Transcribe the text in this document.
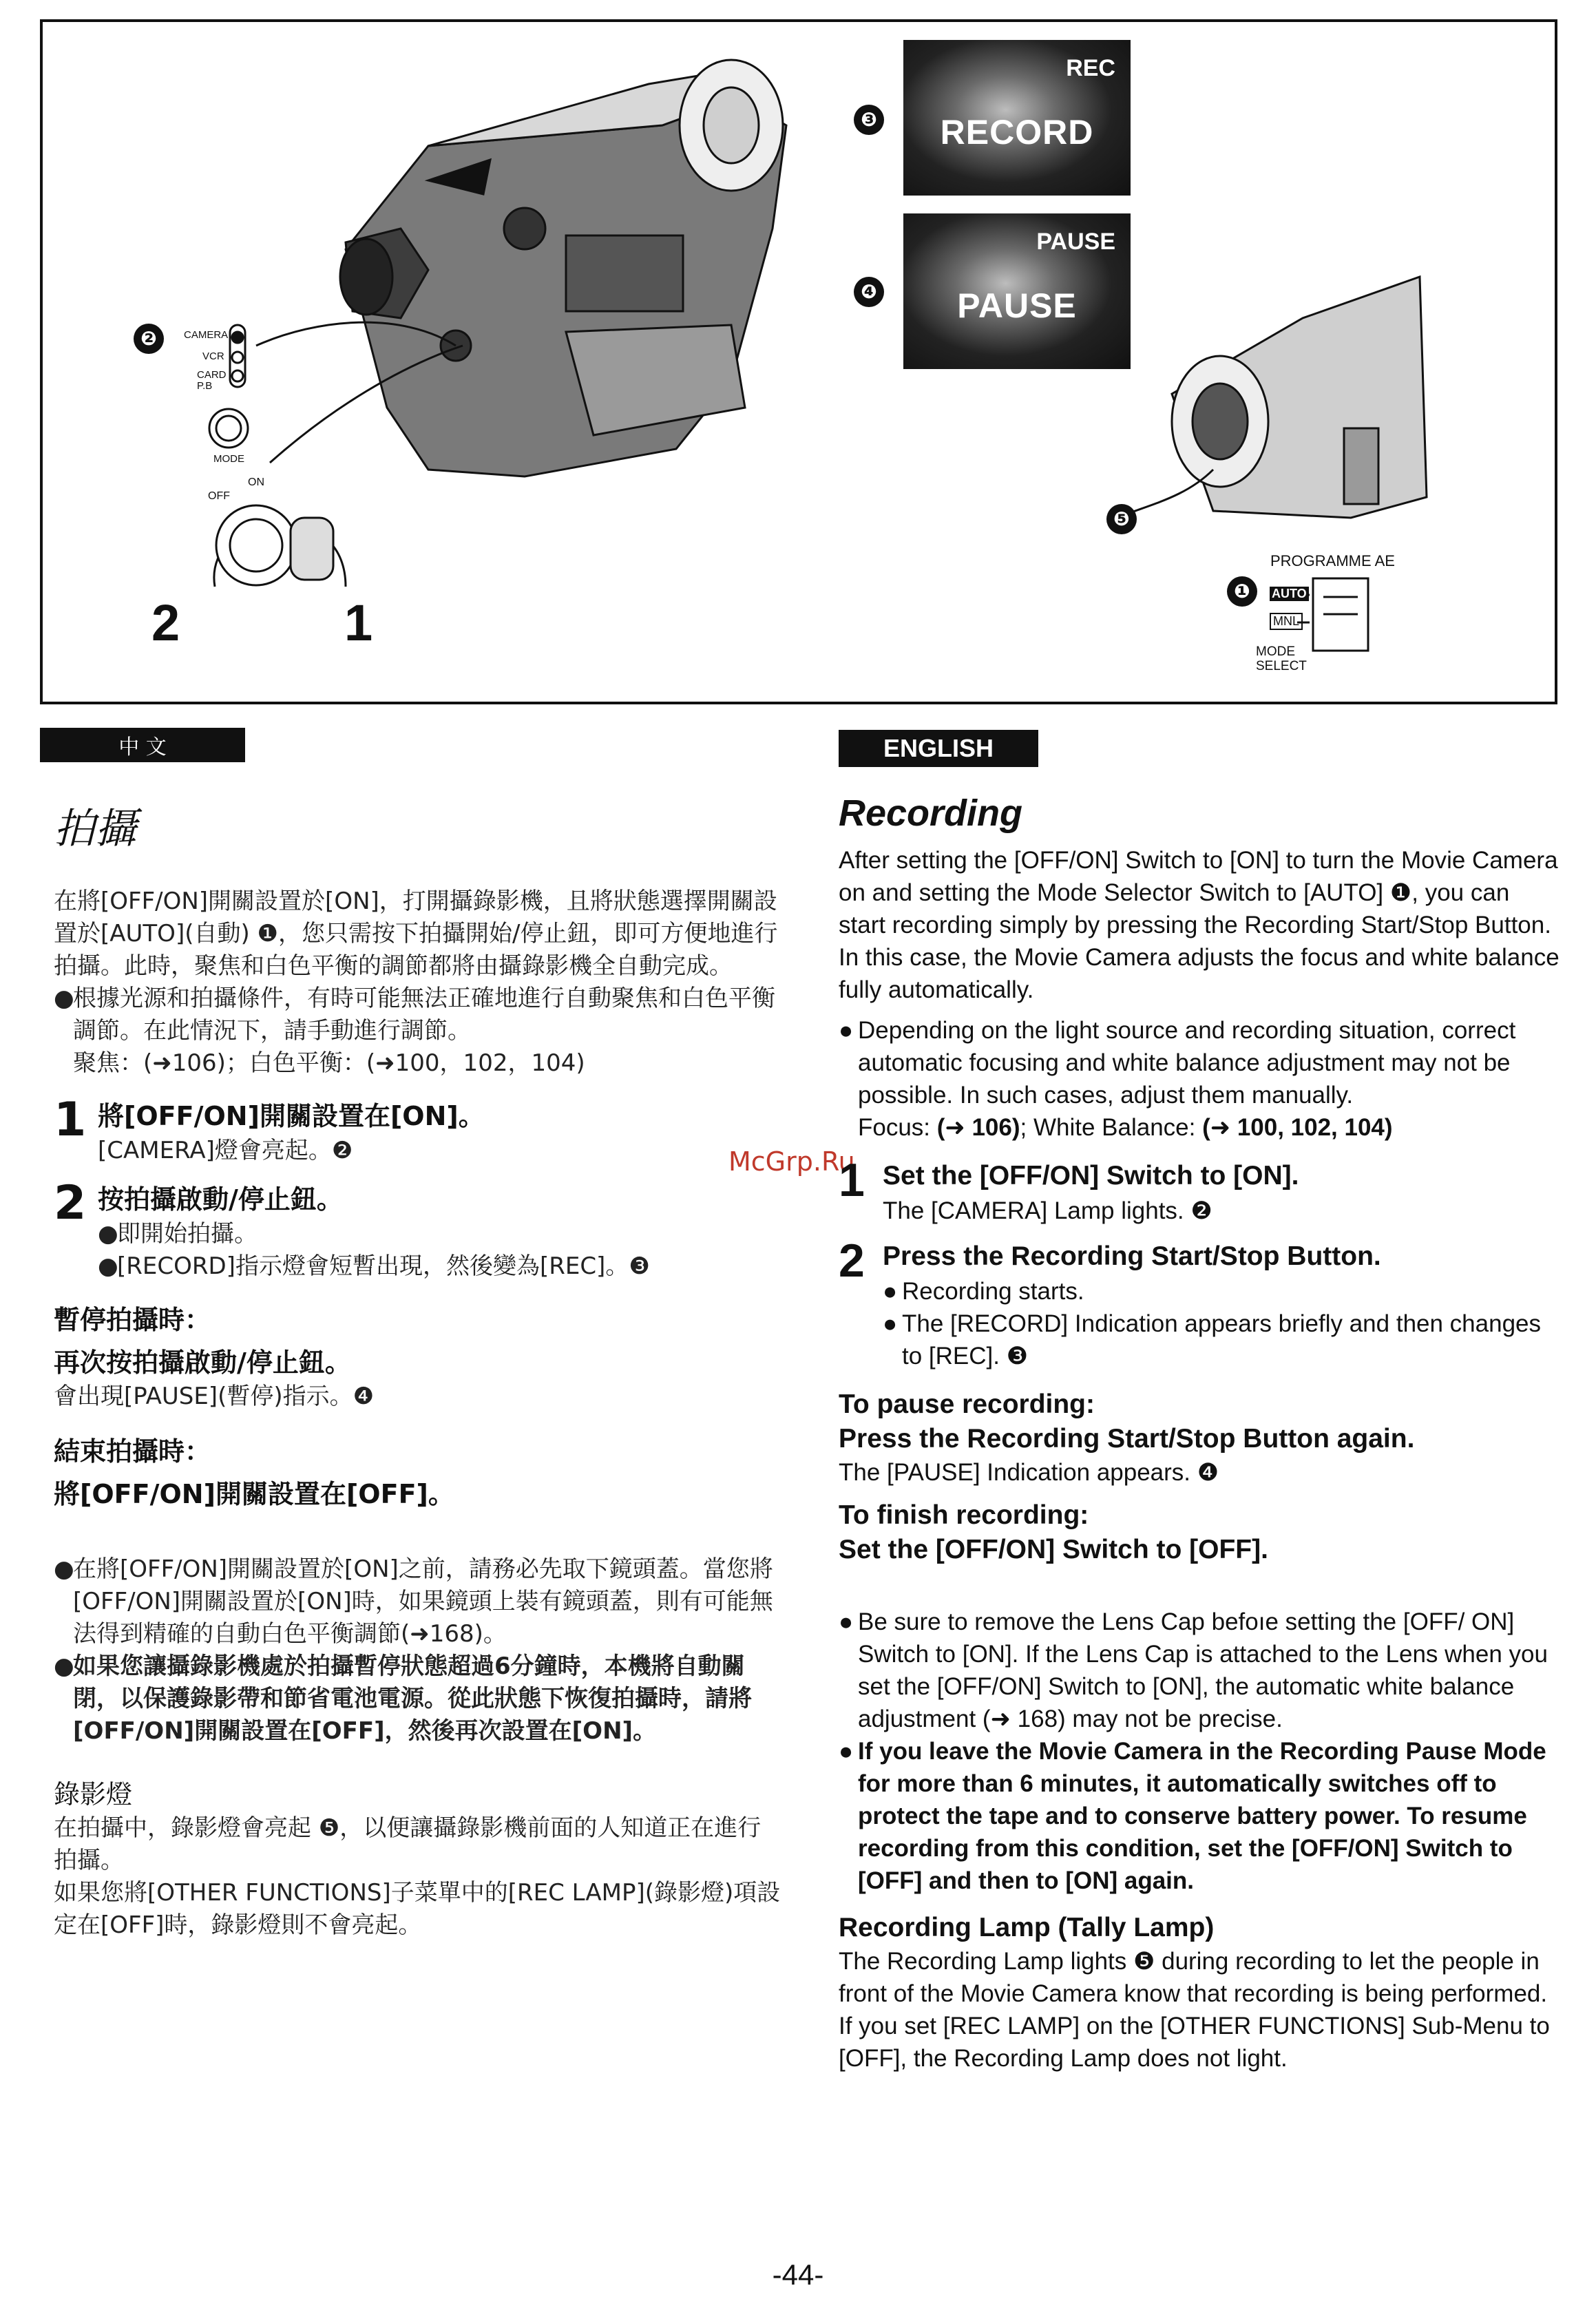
❸
❹
❷
❺
❶
REC
RECORD
PAUSE
PAUSE
CAMERA
VCR
CARD P.B
MODE
OFF
ON
2	1
PROGRAMME AE
AUTO
MNL
MODE SELECT
中 文	ENGLISH
拍攝

在將[OFF/ON]開關設置於[ON]，打開攝錄影機，且將狀態選擇開關設置於[AUTO](自動) ❶，您只需按下拍攝開始/停止鈕，即可方便地進行拍攝。此時，聚焦和白色平衡的調節都將由攝錄影機全自動完成。

●
根據光源和拍攝條件，有時可能無法正確地進行自動聚焦和白色平衡調節。在此情況下，請手動進行調節。

聚焦：(➜106)；白色平衡：(➜100，102，104)

1 將[OFF/ON]開關設置在[ON]。
[CAMERA]燈會亮起。❷
2 按拍攝啟動/停止鈕。

●
即開始拍攝。

●
[RECORD]指示燈會短暫出現，然後變為[REC]。❸

暫停拍攝時：

再次按拍攝啟動/停止鈕。

會出現[PAUSE](暫停)指示。❹

結束拍攝時：

將[OFF/ON]開關設置在[OFF]。

●
在將[OFF/ON]開關設置於[ON]之前，請務必先取下鏡頭蓋。當您將[OFF/ON]開關設置於[ON]時，如果鏡頭上裝有鏡頭蓋，則有可能無法得到精確的自動白色平衡調節(➜168)。

●
如果您讓攝錄影機處於拍攝暫停狀態超過6分鐘時，本機將自動關閉，以保護錄影帶和節省電池電源。從此狀態下恢復拍攝時，請將[OFF/ON]開關設置在[OFF]，然後再次設置在[ON]。

錄影燈

在拍攝中，錄影燈會亮起 ❺，以便讓攝錄影機前面的人知道正在進行拍攝。

如果您將[OTHER FUNCTIONS]子菜單中的[REC LAMP](錄影燈)項設定在[OFF]時，錄影燈則不會亮起。

McGrp.Ru
Recording

After setting the [OFF/ON] Switch to [ON] to turn the Movie Camera on and setting the Mode Selector Switch to [AUTO] ❶, you can start recording simply by pressing the Recording Start/Stop Button. In this case, the Movie Camera adjusts the focus and white balance fully automatically.

● Depending on the light source and recording situation, correct automatic focusing and white balance adjustment may not be possible. In such cases, adjust them manually.

Focus: (➜ 106); White Balance: (➜ 100, 102, 104)

1 Set the [OFF/ON] Switch to [ON].
The [CAMERA] Lamp lights. ❷
2 Press the Recording Start/Stop Button.

● Recording starts.

● The [RECORD] Indication appears briefly and then changes to [REC]. ❸

To pause recording:

Press the Recording Start/Stop Button again.

The [PAUSE] Indication appears. ❹

To finish recording:

Set the [OFF/ON] Switch to [OFF].

● Be sure to remove the Lens Cap befoıe setting the [OFF/ ON] Switch to [ON]. If the Lens Cap is attached to the Lens when you set the [OFF/ON] Switch to [ON], the automatic white balance adjustment (➜ 168) may not be precise.

● If you leave the Movie Camera in the Recording Pause Mode for more than 6 minutes, it automatically switches off to protect the tape and to conserve battery power. To resume recording from this condition, set the [OFF/ON] Switch to [OFF] and then to [ON] again.

Recording Lamp (Tally Lamp)

The Recording Lamp lights ❺ during recording to let the people in front of the Movie Camera know that recording is being performed.

If you set [REC LAMP] on the [OTHER FUNCTIONS] Sub-Menu to [OFF], the Recording Lamp does not light.

-44-
